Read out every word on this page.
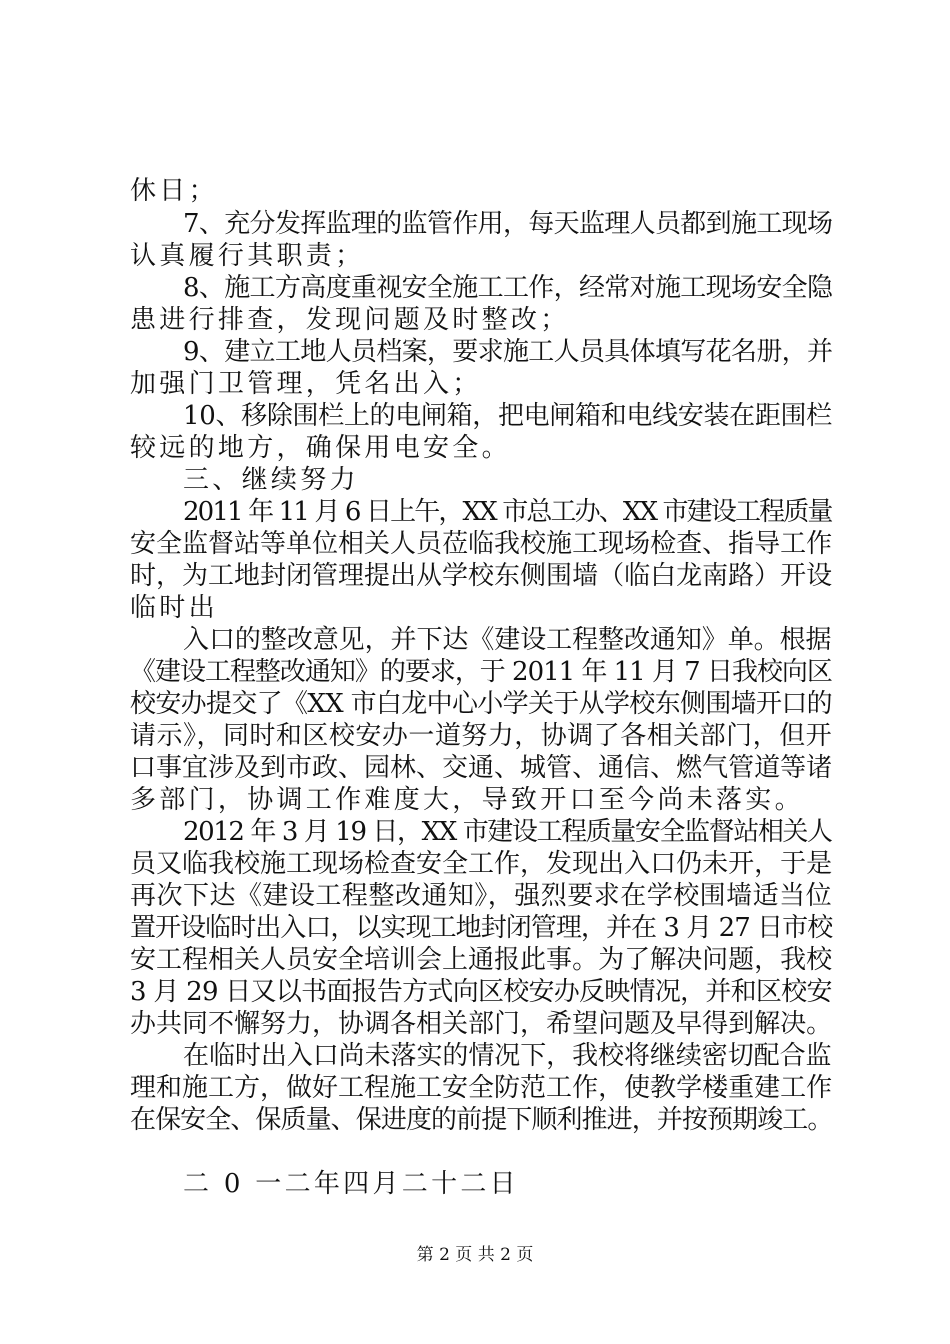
休日；
7、充分发挥监理的监管作用，每天监理人员都到施工现场
认真履行其职责；
8、施工方高度重视安全施工工作，经常对施工现场安全隐
患进行排查，发现问题及时整改；
9、建立工地人员档案，要求施工人员具体填写花名册，并
加强门卫管理，凭名出入；
10、移除围栏上的电闸箱，把电闸箱和电线安装在距围栏
较远的地方，确保用电安全。
三、继续努力
2011 年 11 月 6 日上午，XX 市总工办、XX 市建设工程质量
安全监督站等单位相关人员莅临我校施工现场检查、指导工作
时，为工地封闭管理提出从学校东侧围墙（临白龙南路）开设
临时出
入口的整改意见，并下达《建设工程整改通知》单。根据
《建设工程整改通知》的要求，于 2011 年 11 月 7 日我校向区
校安办提交了《XX 市白龙中心小学关于从学校东侧围墙开口的
请示》，同时和区校安办一道努力，协调了各相关部门，但开
口事宜涉及到市政、园林、交通、城管、通信、燃气管道等诸
多部门，协调工作难度大，导致开口至今尚未落实。
2012 年 3 月 19 日，XX 市建设工程质量安全监督站相关人
员又临我校施工现场检查安全工作，发现出入口仍未开，于是
再次下达《建设工程整改通知》，强烈要求在学校围墙适当位
置开设临时出入口，以实现工地封闭管理，并在 3 月 27 日市校
安工程相关人员安全培训会上通报此事。为了解决问题，我校
3 月 29 日又以书面报告方式向区校安办反映情况，并和区校安
办共同不懈努力，协调各相关部门，希望问题及早得到解决。
在临时出入口尚未落实的情况下，我校将继续密切配合监
理和施工方，做好工程施工安全防范工作，使教学楼重建工作
在保安全、保质量、保进度的前提下顺利推进，并按预期竣工。
二 0 一二年四月二十二日
第 2 页 共 2 页
